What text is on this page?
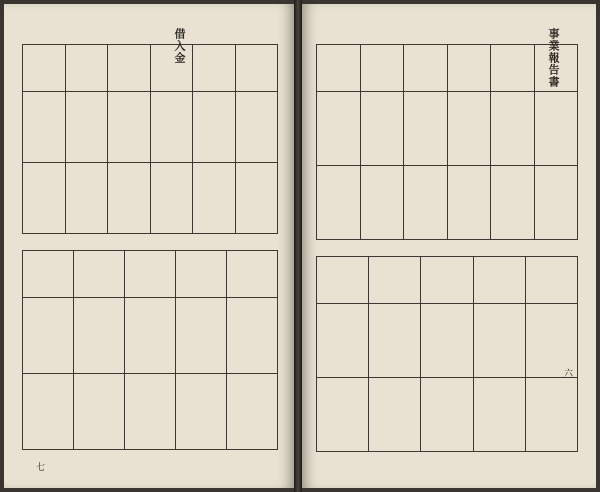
借入金
七

事業報告書
六
